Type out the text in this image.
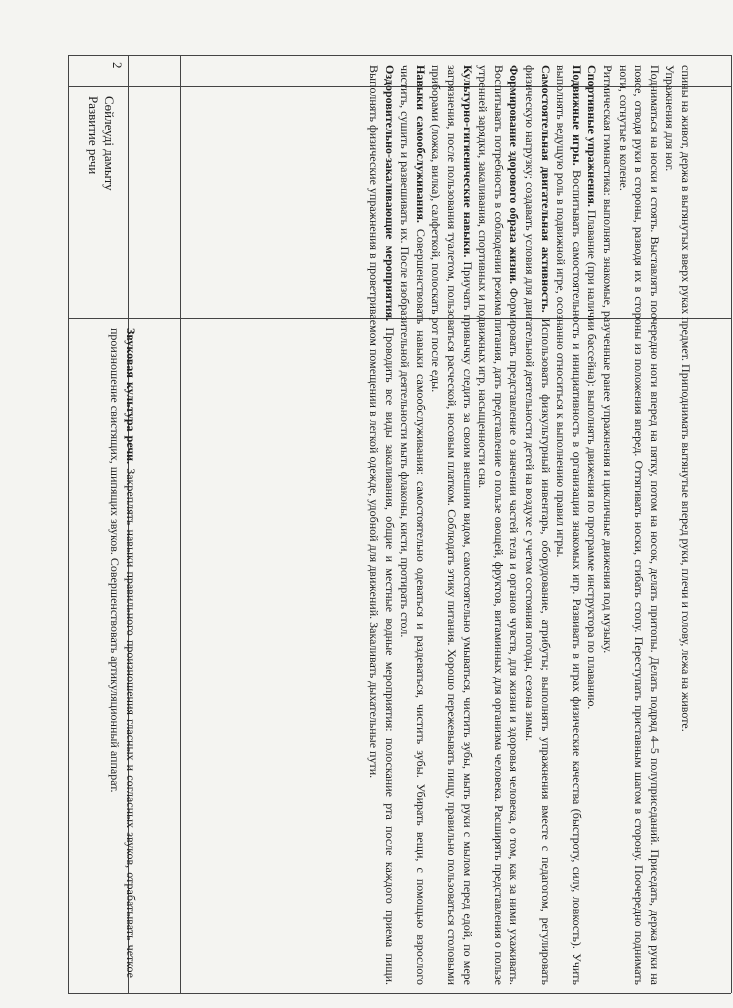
2
Сөйлеуді дамыту
Развитие речи	спины на живот, держа в вытянутых вверх руках предмет. Приподнимать вытянутые вперед руки, плечи и голову, лежа на животе.

Упражнения для ног.

Подниматься на носки и стоять. Выставлять поочередно ноги вперед на пятку, потом на носок, делать притопы. Делать подряд 4–5 полуприседаний. Приседать, держа руки на поясе, отводя руки в стороны, разводя их в стороны из положения вперед. Оттягивать носки, сгибать стопу. Переступать приставным шагом в сторону. Поочередно поднимать ноги, согнутые в колене.

Ритмическая гимнастика: выполнять знакомые, разученные ранее упражнения и цикличные движения под музыку.

Спортивные упражнения. Плавание (при наличии бассейна): выполнять движения по программе инструктора по плаванию.

Подвижные игры. Воспитывать самостоятельность и инициативность в организации знакомых игр. Развивать в играх физические качества (быстроту, силу, ловкость). Учить выполнять ведущую роль в подвижной игре, осознанно относиться к выполнению правил игры.

Самостоятельная двигательная активность. Использовать физкультурный инвентарь, оборудование, атрибуты; выполнять упражнения вместе с педагогом, регулировать физическую нагрузку; создавать условия для двигательной деятельности детей на воздухе с учетом состояния погоды, сезона зимы.

Формирование здорового образа жизни. Формировать представление о значении частей тела и органов чувств, для жизни и здоровья человека, о том, как за ними ухаживать. Воспитывать потребность в соблюдении режима питания, дать представление о пользе овощей, фруктов, витаминных для организма человека. Расширять представления о пользе утренней зарядки, закаливания, спортивных и подвижных игр, насыщенности сна.

Культурно-гигиенические навыки. Приучать привычку следить за своим внешним видом, самостоятельно умываться, чистить зубы, мыть руки с мылом перед едой, по мере загрязнения, после пользования туалетом, пользоваться расческой, носовым платком. Соблюдать этику питания. Хорошо пережевывать пищу, правильно пользоваться столовыми приборами (ложка, вилка), салфеткой, полоскать рот после еды.

Навыки самообслуживания. Совершенствовать навыки самообслуживания: самостоятельно одеваться и раздеваться, чистить зубы. Убирать вещи, с помощью взрослого чистить, сушить и развешивать их. После изобразительной деятельности мыть флаконы, кисти, протирать стол.

Оздоровительно-закаливающие мероприятия. Проводить все виды закаливания, общие и местные водные мероприятия: полоскание рта после каждого приема пищи. Выполнять физические упражнения в проветриваемом помещении в легкой одежде, удобной для движений. Закаливать дыхательные пути.

Звуковая культура речи. Закреплять навыки правильного произношения гласных и согласных звуков, отрабатывать четкое произношение свистящих, шипящих звуков. Совершенствовать артикуляционный аппарат.
